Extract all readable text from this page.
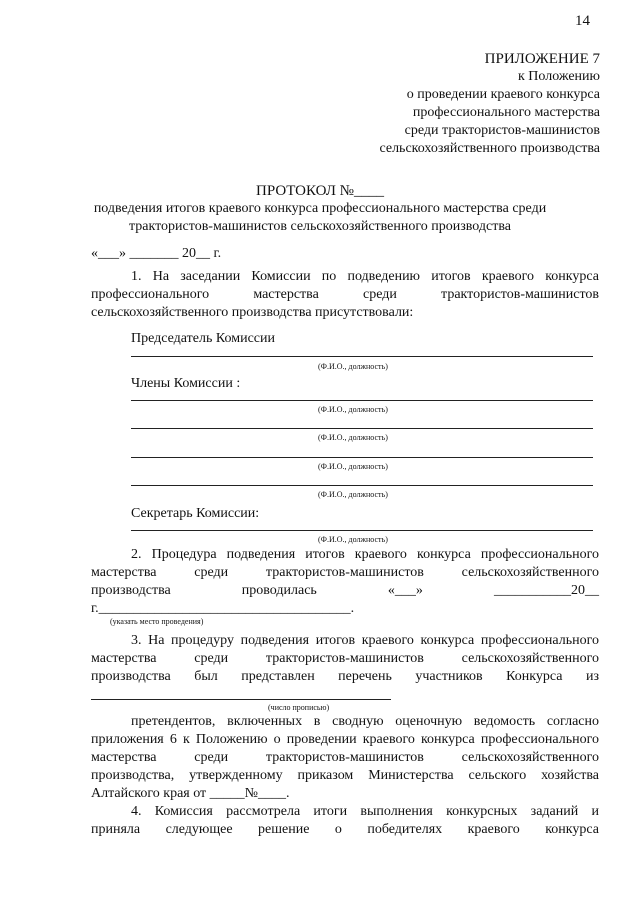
14
ПРИЛОЖЕНИЕ 7
к Положению
о проведении краевого конкурса
профессионального мастерства
среди трактористов-машинистов
сельскохозяйственного производства
ПРОТОКОЛ №____
подведения итогов краевого конкурса профессионального мастерства среди
трактористов-машинистов сельскохозяйственного производства
«___» _______ 20__ г.
1. На заседании Комиссии по подведению итогов краевого конкурса
профессионального мастерства среди трактористов-машинистов
сельскохозяйственного производства присутствовали:
Председатель Комиссии
(Ф.И.О., должность)
Члены Комиссии :
(Ф.И.О., должность)
(Ф.И.О., должность)
(Ф.И.О., должность)
(Ф.И.О., должность)
Секретарь Комиссии:
(Ф.И.О., должность)
2. Процедура подведения итогов краевого конкурса профессионального
мастерства среди трактористов-машинистов сельскохозяйственного
производства проводилась «___» ___________20__
г.____________________________________.
(указать место проведения)
3. На процедуру подведения итогов краевого конкурса профессионального
мастерства среди трактористов-машинистов сельскохозяйственного
производства был представлен перечень участников Конкурса из
(число прописью)
претендентов, включенных в сводную оценочную ведомость согласно
приложения 6 к Положению о проведении краевого конкурса профессионального
мастерства среди трактористов-машинистов сельскохозяйственного
производства, утвержденному приказом Министерства сельского хозяйства
Алтайского края от _____№____.
4. Комиссия рассмотрела итоги выполнения конкурсных заданий и
приняла следующее решение о победителях краевого конкурса
